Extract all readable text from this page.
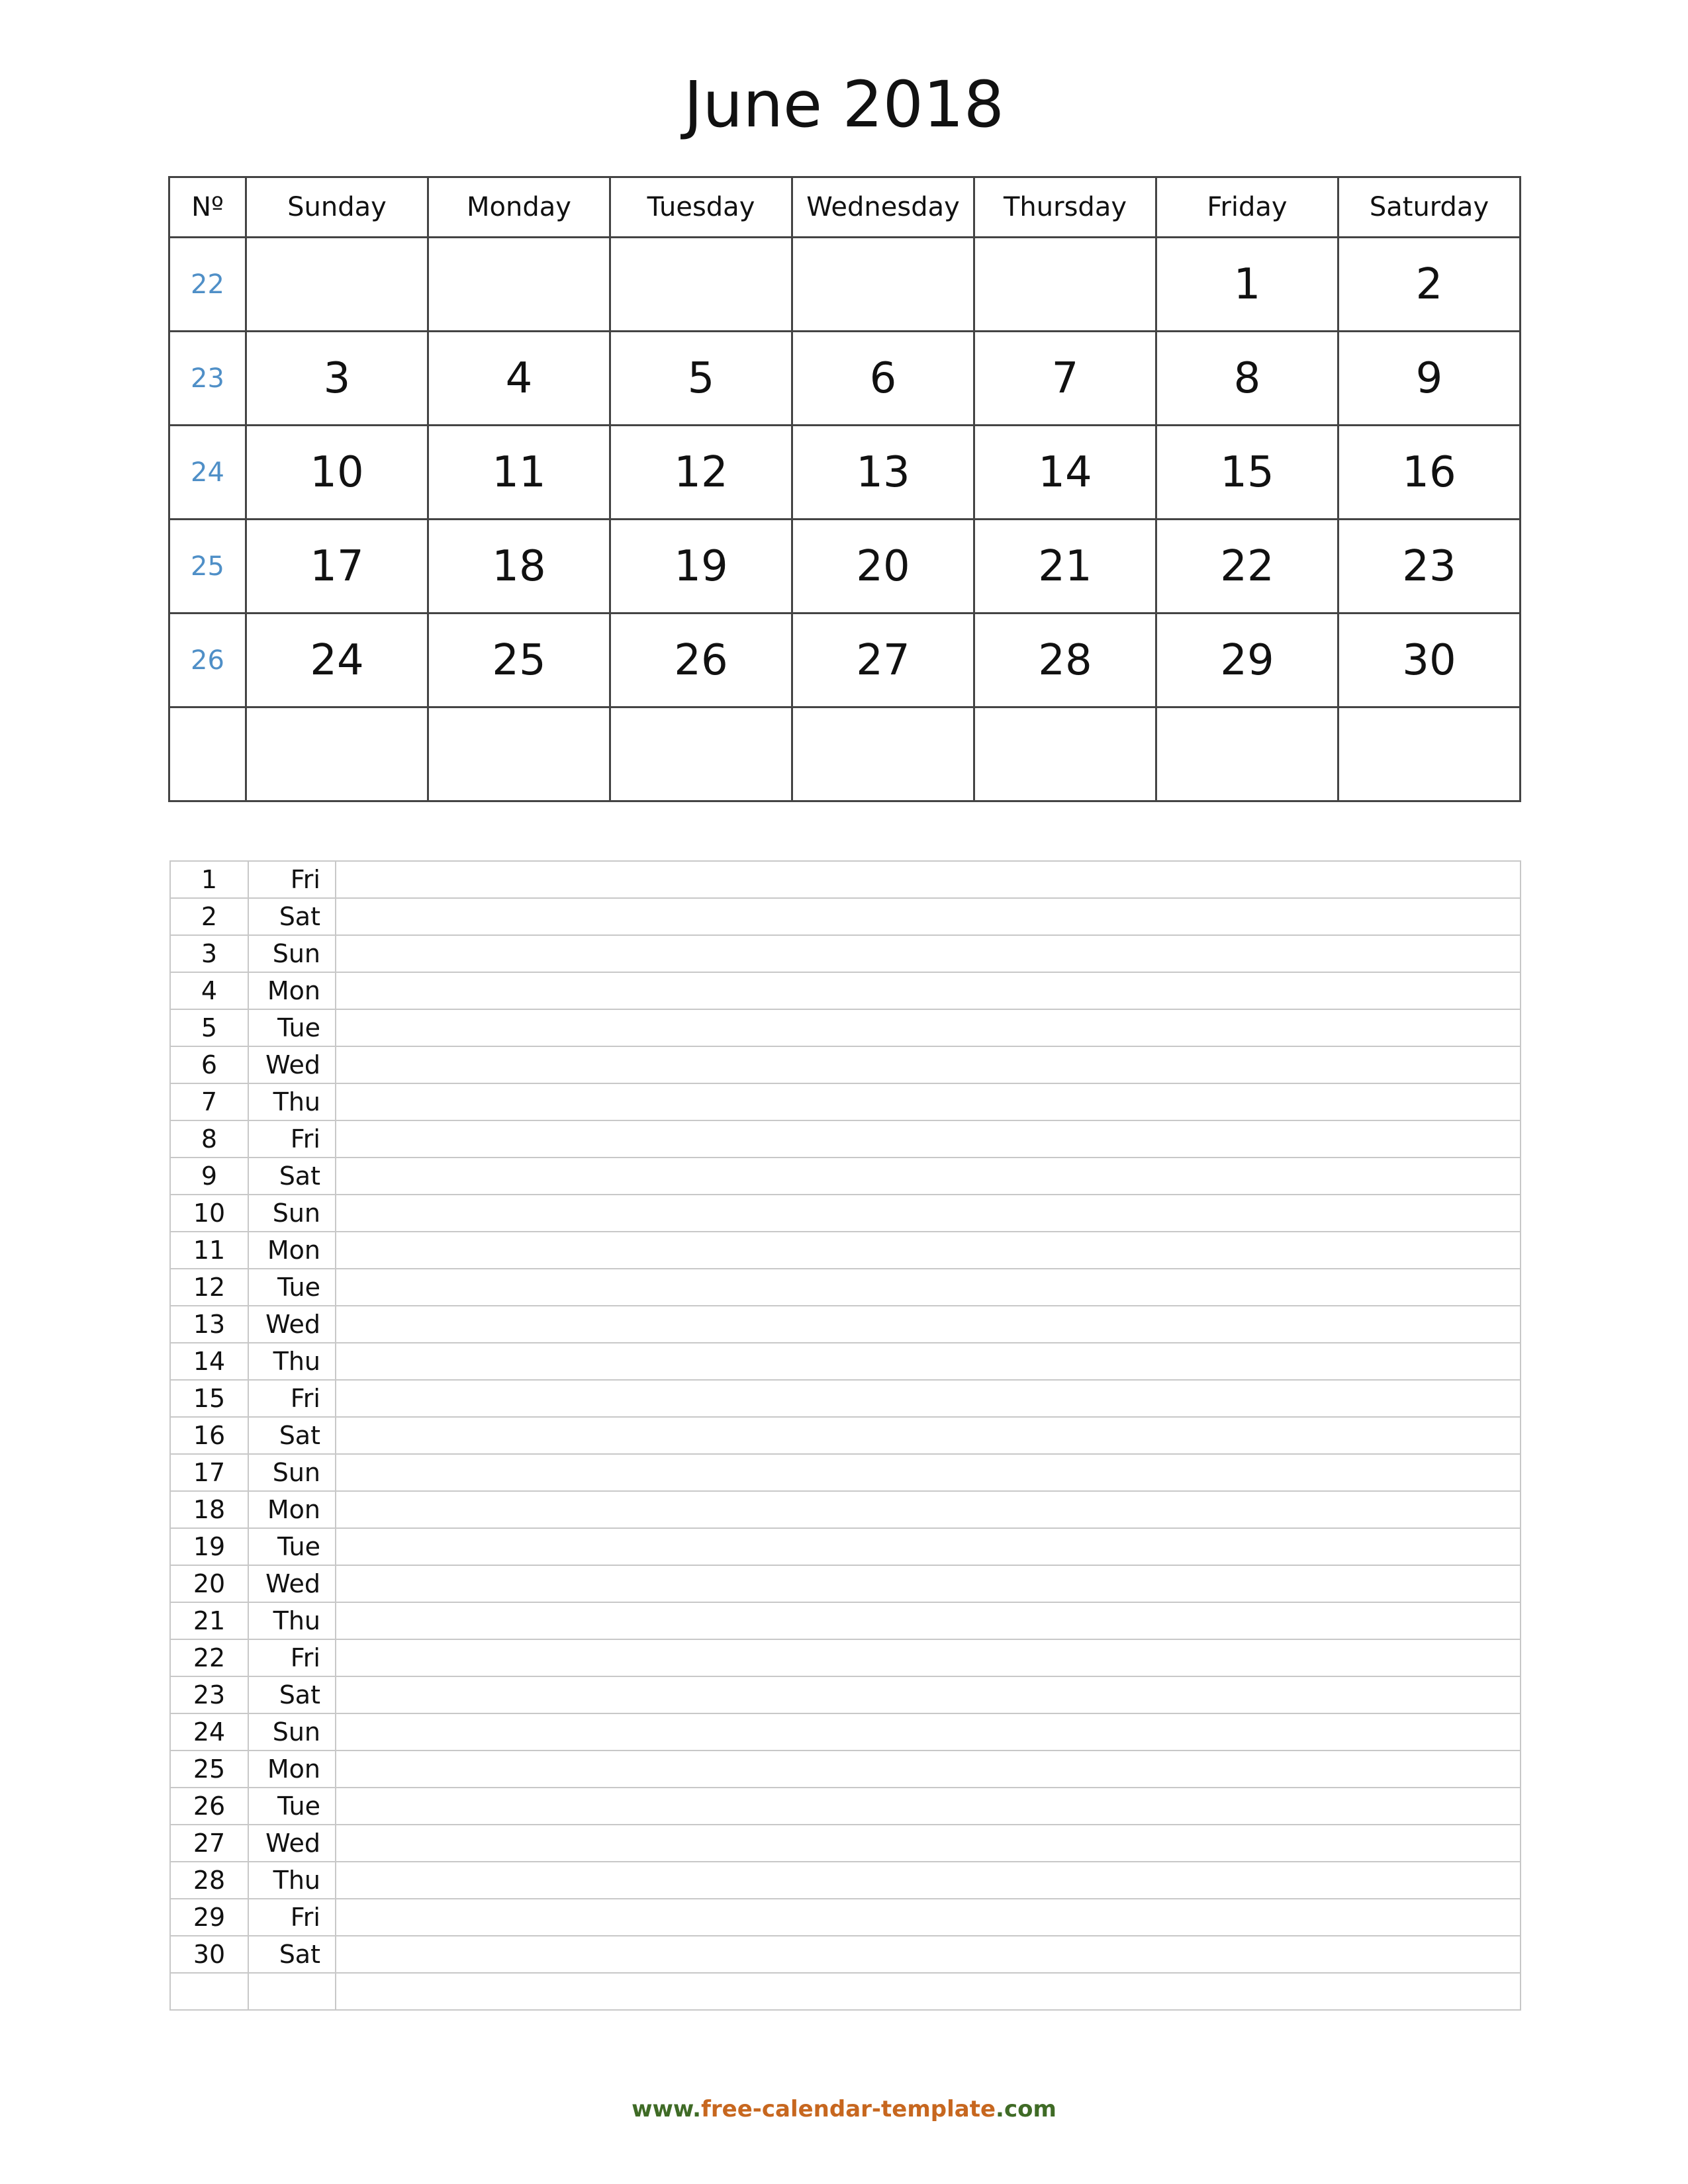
June 2018
Nº	Sunday	Monday	Tuesday	Wednesday	Thursday	Friday	Saturday
22						1	2
23	3	4	5	6	7	8	9
24	10	11	12	13	14	15	16
25	17	18	19	20	21	22	23
26	24	25	26	27	28	29	30

1	Fri	
2	Sat	
3	Sun	
4	Mon	
5	Tue	
6	Wed	
7	Thu	
8	Fri	
9	Sat	
10	Sun	
11	Mon	
12	Tue	
13	Wed	
14	Thu	
15	Fri	
16	Sat	
17	Sun	
18	Mon	
19	Tue	
20	Wed	
21	Thu	
22	Fri	
23	Sat	
24	Sun	
25	Mon	
26	Tue	
27	Wed	
28	Thu	
29	Fri	
30	Sat	

www.free-calendar-template.com
